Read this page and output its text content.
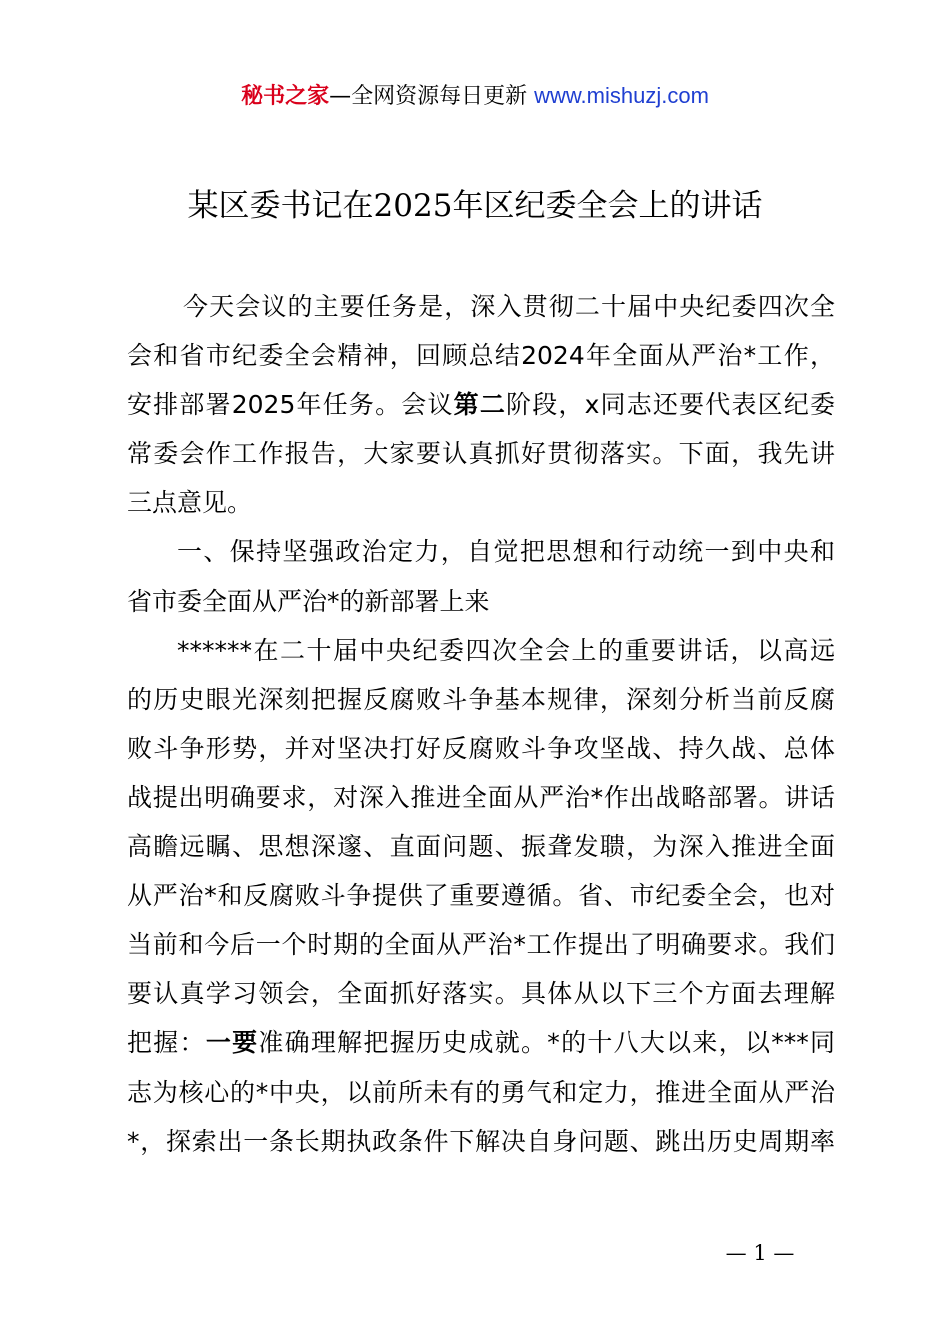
秘书之家—全网资源每日更新 www.mishuzj.com
某区委书记在2025年区纪委全会上的讲话
今天会议的主要任务是，深入贯彻二十届中央纪委四次全
会和省市纪委全会精神，回顾总结2024年全面从严治*工作，
安排部署2025年任务。会议第二阶段，x同志还要代表区纪委
常委会作工作报告，大家要认真抓好贯彻落实。下面，我先讲
三点意见。
一、保持坚强政治定力，自觉把思想和行动统一到中央和
省市委全面从严治*的新部署上来
******在二十届中央纪委四次全会上的重要讲话，以高远
的历史眼光深刻把握反腐败斗争基本规律，深刻分析当前反腐
败斗争形势，并对坚决打好反腐败斗争攻坚战、持久战、总体
战提出明确要求，对深入推进全面从严治*作出战略部署。讲话
高瞻远瞩、思想深邃、直面问题、振聋发聩，为深入推进全面
从严治*和反腐败斗争提供了重要遵循。省、市纪委全会，也对
当前和今后一个时期的全面从严治*工作提出了明确要求。我们
要认真学习领会，全面抓好落实。具体从以下三个方面去理解
把握：一要准确理解把握历史成就。*的十八大以来，以***同
志为核心的*中央，以前所未有的勇气和定力，推进全面从严治
*，探索出一条长期执政条件下解决自身问题、跳出历史周期率
— 1 —
